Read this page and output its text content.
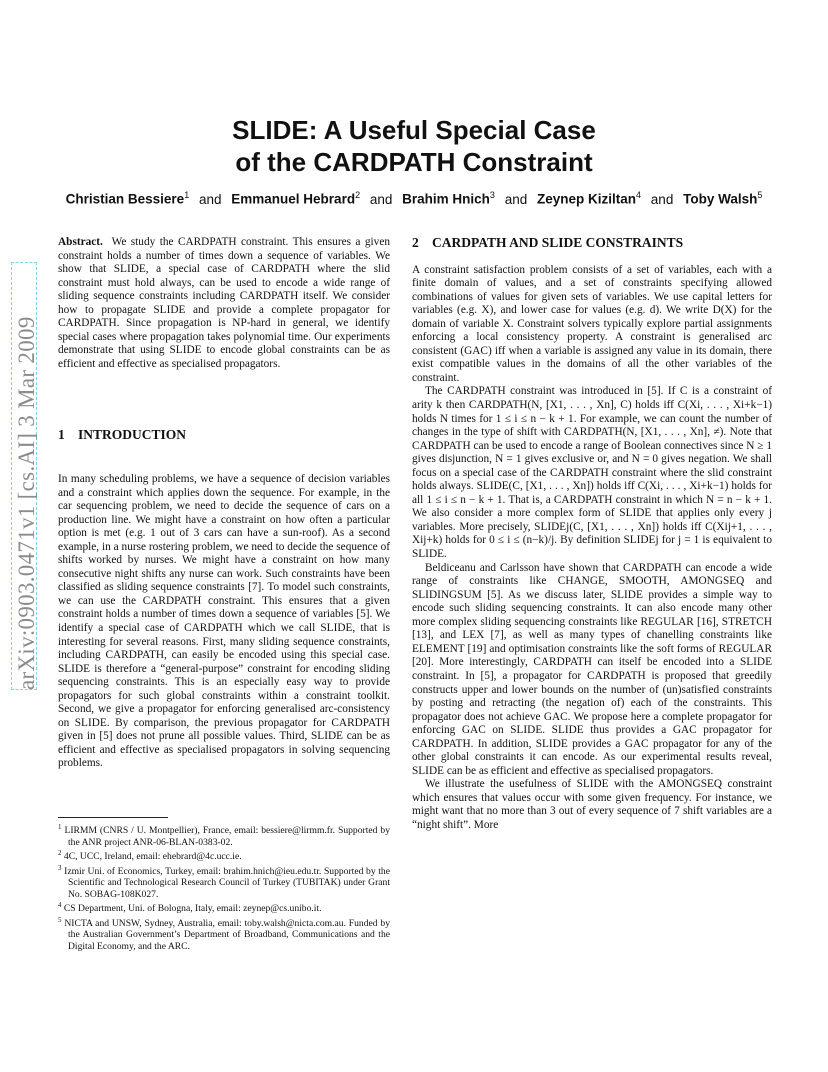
arXiv:0903.0471v1 [cs.AI] 3 Mar 2009
SLIDE: A Useful Special Case
of the CARDPATH Constraint
Christian Bessiere$^1$ and Emmanuel Hebrard$^2$ and Brahim Hnich$^3$ and Zeynep Kiziltan$^4$ and Toby Walsh$^5$

Abstract. We study the CARDPATH constraint. This ensures a given constraint holds a number of times down a sequence of variables. We show that SLIDE, a special case of CARDPATH where the slid constraint must hold always, can be used to encode a wide range of sliding sequence constraints including CARDPATH itself. We consider how to propagate SLIDE and provide a complete propagator for CARDPATH. Since propagation is NP-hard in general, we identify special cases where propagation takes polynomial time. Our experiments demonstrate that using SLIDE to encode global constraints can be as efficient and effective as specialised propagators.

1 INTRODUCTION

In many scheduling problems, we have a sequence of decision variables and a constraint which applies down the sequence. For example, in the car sequencing problem, we need to decide the sequence of cars on a production line. We might have a constraint on how often a particular option is met (e.g. 1 out of 3 cars can have a sun-roof). As a second example, in a nurse rostering problem, we need to decide the sequence of shifts worked by nurses. We might have a constraint on how many consecutive night shifts any nurse can work. Such constraints have been classified as sliding sequence constraints [7]. To model such constraints, we can use the CARDPATH constraint. This ensures that a given constraint holds a number of times down a sequence of variables [5]. We identify a special case of CARDPATH which we call SLIDE, that is interesting for several reasons. First, many sliding sequence constraints, including CARDPATH, can easily be encoded using this special case. SLIDE is therefore a “general-purpose” constraint for encoding sliding sequencing constraints. This is an especially easy way to provide propagators for such global constraints within a constraint toolkit. Second, we give a propagator for enforcing generalised arc-consistency on SLIDE. By comparison, the previous propagator for CARDPATH given in [5] does not prune all possible values. Third, SLIDE can be as efficient and effective as specialised propagators in solving sequencing problems.

$^1$ LIRMM (CNRS / U. Montpellier), France, email: bessiere@lirmm.fr. Supported by the ANR project ANR-06-BLAN-0383-02.

$^2$ 4C, UCC, Ireland, email: ehebrard@4c.ucc.ie.

$^3$ Izmir Uni. of Economics, Turkey, email: brahim.hnich@ieu.edu.tr. Supported by the Scientific and Technological Research Council of Turkey (TUBITAK) under Grant No. SOBAG-108K027.

$^4$ CS Department, Uni. of Bologna, Italy, email: zeynep@cs.unibo.it.

$^5$ NICTA and UNSW, Sydney, Australia, email: toby.walsh@nicta.com.au. Funded by the Australian Government’s Department of Broadband, Communications and the Digital Economy, and the ARC.

2 CARDPATH AND SLIDE CONSTRAINTS

A constraint satisfaction problem consists of a set of variables, each with a finite domain of values, and a set of constraints specifying allowed combinations of values for given sets of variables. We use capital letters for variables (e.g. X), and lower case for values (e.g. d). We write D(X) for the domain of variable X. Constraint solvers typically explore partial assignments enforcing a local consistency property. A constraint is generalised arc consistent (GAC) iff when a variable is assigned any value in its domain, there exist compatible values in the domains of all the other variables of the constraint.

The CARDPATH constraint was introduced in [5]. If C is a constraint of arity k then CARDPATH(N, [X1, . . . , Xn], C) holds iff C(Xi, . . . , Xi+k−1) holds N times for 1 ≤ i ≤ n − k + 1. For example, we can count the number of changes in the type of shift with CARDPATH(N, [X1, . . . , Xn], ≠). Note that CARDPATH can be used to encode a range of Boolean connectives since N ≥ 1 gives disjunction, N = 1 gives exclusive or, and N = 0 gives negation. We shall focus on a special case of the CARDPATH constraint where the slid constraint holds always. SLIDE(C, [X1, . . . , Xn]) holds iff C(Xi, . . . , Xi+k−1) holds for all 1 ≤ i ≤ n − k + 1. That is, a CARDPATH constraint in which N = n − k + 1. We also consider a more complex form of SLIDE that applies only every j variables. More precisely, SLIDEj(C, [X1, . . . , Xn]) holds iff C(Xij+1, . . . , Xij+k) holds for 0 ≤ i ≤ (n−k)/j. By definition SLIDEj for j = 1 is equivalent to SLIDE.

Beldiceanu and Carlsson have shown that CARDPATH can encode a wide range of constraints like CHANGE, SMOOTH, AMONGSEQ and SLIDINGSUM [5]. As we discuss later, SLIDE provides a simple way to encode such sliding sequencing constraints. It can also encode many other more complex sliding sequencing constraints like REGULAR [16], STRETCH [13], and LEX [7], as well as many types of chanelling constraints like ELEMENT [19] and optimisation constraints like the soft forms of REGULAR [20]. More interestingly, CARDPATH can itself be encoded into a SLIDE constraint. In [5], a propagator for CARDPATH is proposed that greedily constructs upper and lower bounds on the number of (un)satisfied constraints by posting and retracting (the negation of) each of the constraints. This propagator does not achieve GAC. We propose here a complete propagator for enforcing GAC on SLIDE. SLIDE thus provides a GAC propagator for CARDPATH. In addition, SLIDE provides a GAC propagator for any of the other global constraints it can encode. As our experimental results reveal, SLIDE can be as efficient and effective as specialised propagators.

We illustrate the usefulness of SLIDE with the AMONGSEQ constraint which ensures that values occur with some given frequency. For instance, we might want that no more than 3 out of every sequence of 7 shift variables are a “night shift”. More
